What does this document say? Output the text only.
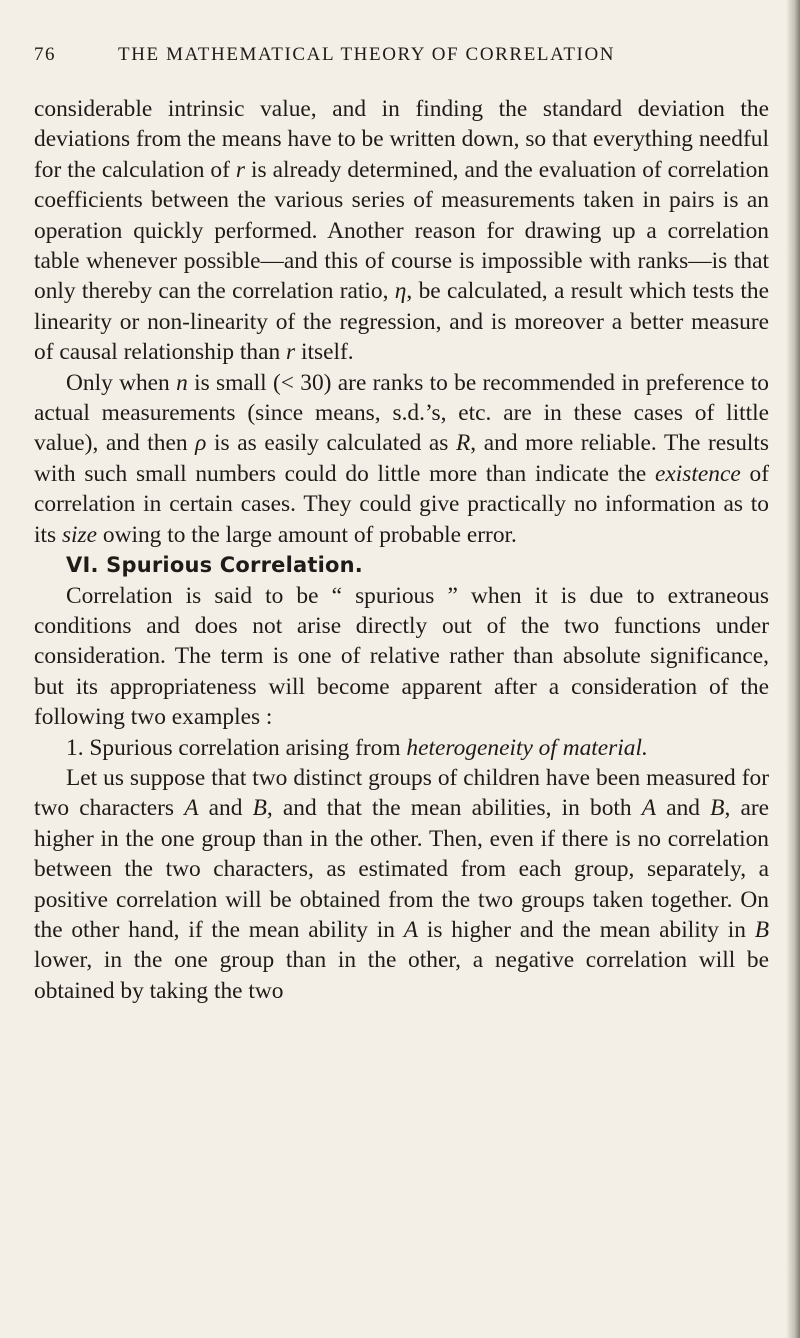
76	THE MATHEMATICAL THEORY OF CORRELATION

considerable intrinsic value, and in finding the standard deviation the deviations from the means have to be written down, so that everything needful for the calculation of r is already determined, and the evaluation of correlation coefficients between the various series of measurements taken in pairs is an operation quickly performed. Another reason for drawing up a correlation table whenever possible—and this of course is impossible with ranks—is that only thereby can the correlation ratio, η, be calculated, a result which tests the linearity or non-linearity of the regression, and is moreover a better measure of causal relationship than r itself.

Only when n is small (< 30) are ranks to be recommended in preference to actual measurements (since means, s.d.’s, etc. are in these cases of little value), and then ρ is as easily calculated as R, and more reliable. The results with such small numbers could do little more than indicate the existence of correlation in certain cases. They could give practically no information as to its size owing to the large amount of probable error.

VI. Spurious Correlation.

Correlation is said to be “ spurious ” when it is due to extraneous conditions and does not arise directly out of the two functions under consideration. The term is one of relative rather than absolute significance, but its appropriateness will become apparent after a consideration of the following two examples :

1. Spurious correlation arising from heterogeneity of material.

Let us suppose that two distinct groups of children have been measured for two characters A and B, and that the mean abilities, in both A and B, are higher in the one group than in the other. Then, even if there is no correlation between the two characters, as estimated from each group, separately, a positive correlation will be obtained from the two groups taken together. On the other hand, if the mean ability in A is higher and the mean ability in B lower, in the one group than in the other, a negative correlation will be obtained by taking the two
